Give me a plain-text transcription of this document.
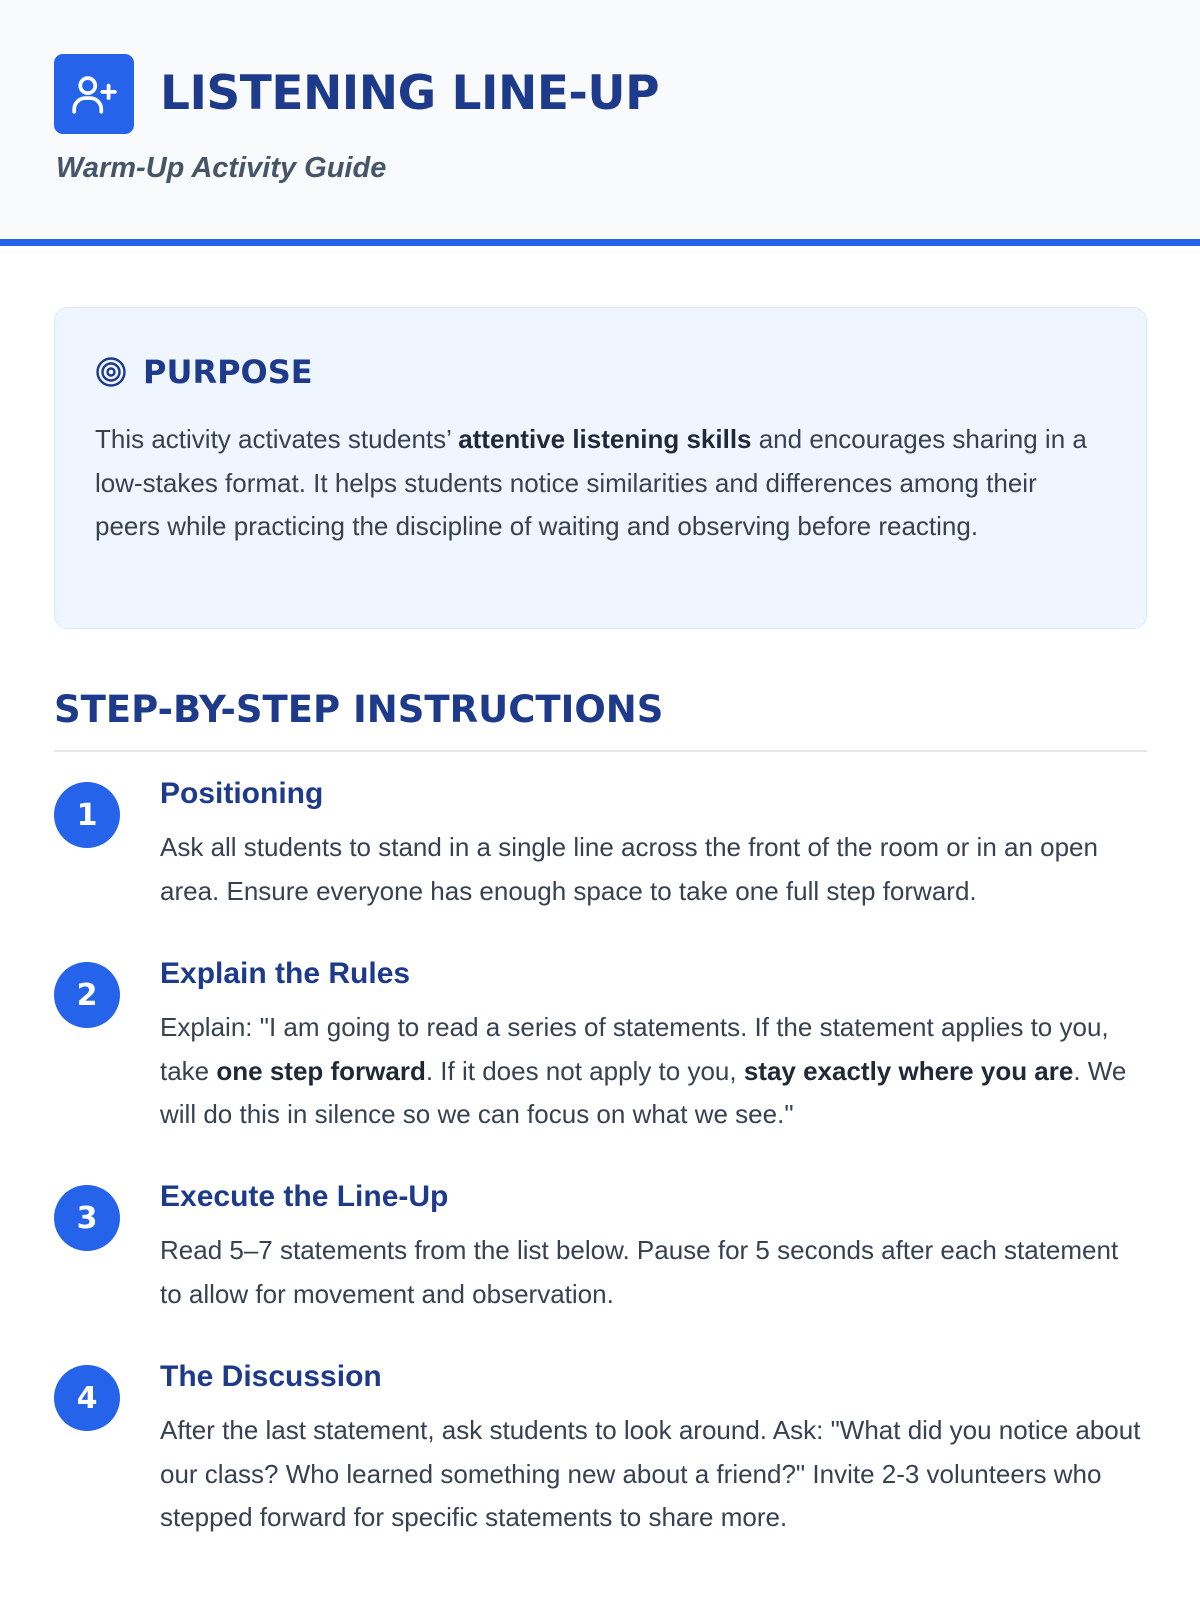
LISTENING LINE-UP

Warm-Up Activity Guide

PURPOSE

This activity activates students’ attentive listening skills and encourages sharing in a low-stakes format. It helps students notice similarities and differences among their peers while practicing the discipline of waiting and observing before reacting.

STEP-BY-STEP INSTRUCTIONS
1
Positioning

Ask all students to stand in a single line across the front of the room or in an open area. Ensure everyone has enough space to take one full step forward.

2
Explain the Rules

Explain: "I am going to read a series of statements. If the statement applies to you, take one step forward. If it does not apply to you, stay exactly where you are. We will do this in silence so we can focus on what we see."

3
Execute the Line-Up

Read 5–7 statements from the list below. Pause for 5 seconds after each statement to allow for movement and observation.

4
The Discussion

After the last statement, ask students to look around. Ask: "What did you notice about our class? Who learned something new about a friend?" Invite 2-3 volunteers who stepped forward for specific statements to share more.
